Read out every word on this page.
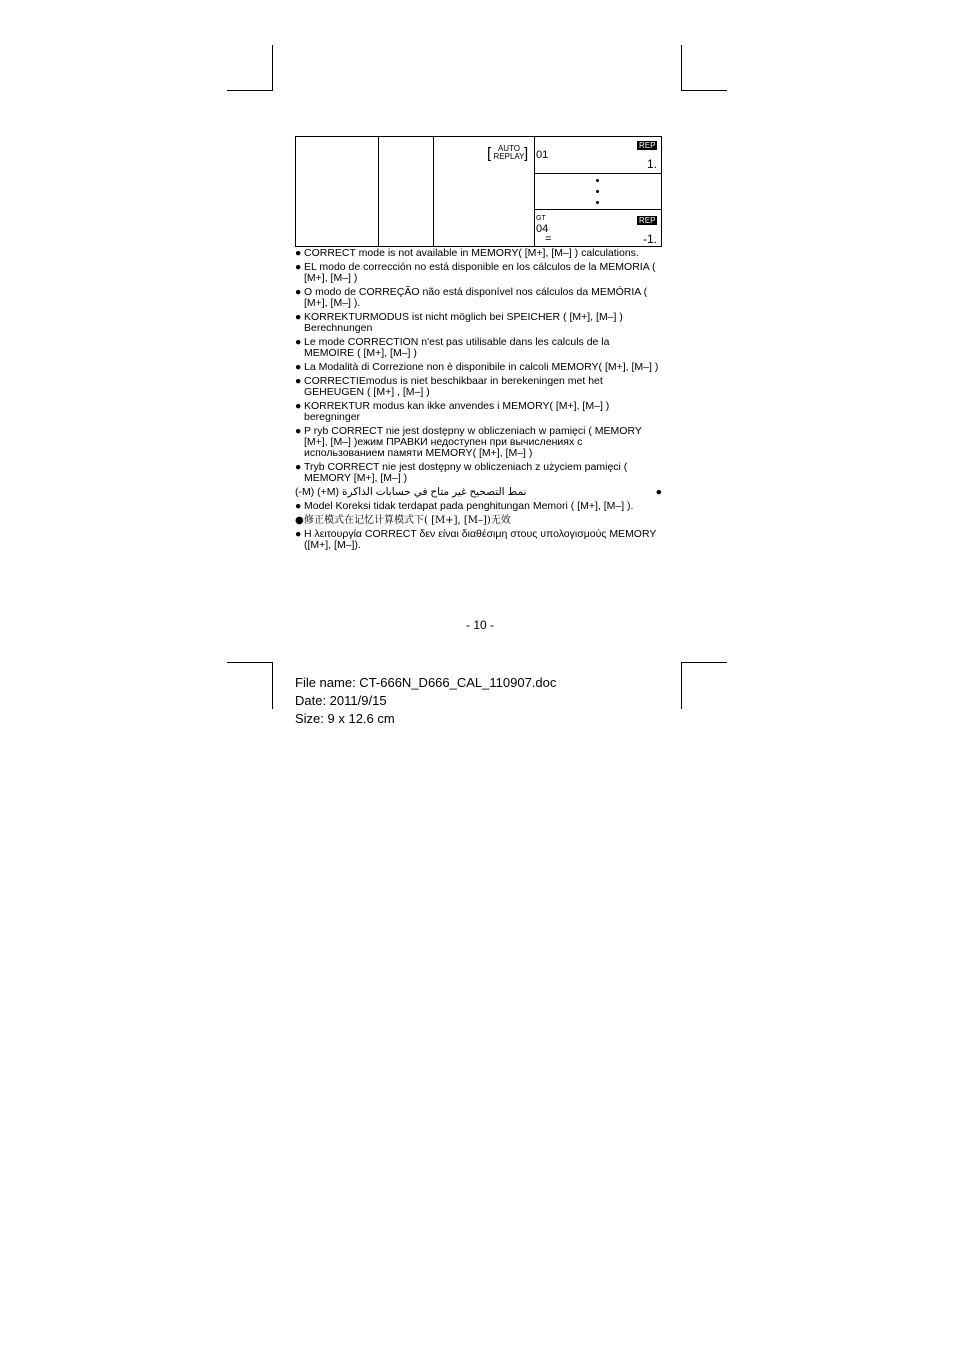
[ AUTO
REPLAY ] 01
REP
1.
GT	REP
04
=	-1.
● CORRECT mode is not available in MEMORY( [M+], [M–] ) calculations.
● EL modo de corrección no está disponible en los cálculos de la MEMORIA ( [M+], [M–] )
● O modo de CORREÇÃO não está disponível nos cálculos da MEMÓRIA ( [M+], [M–] ).
● KORREKTURMODUS ist nicht möglich bei SPEICHER ( [M+], [M–] ) Berechnungen
● Le mode CORRECTION n'est pas utilisable dans les calculs de la MEMOIRE ( [M+], [M–] )
● La Modalità di Correzione non è disponibile in calcoli MEMORY( [M+], [M–] )
● CORRECTIEmodus is niet beschikbaar in berekeningen met het GEHEUGEN ( [M+] , [M–] )
● KORREKTUR modus kan ikke anvendes i MEMORY( [M+], [M–] ) beregninger
● P ryb CORRECT nie jest dostępny w obliczeniach w pamięci ( MEMORY [M+], [M–] )ежим ПРАВКИ недоступен при вычислениях с использованием памяти MEMORY( [M+], [M–] )
● Tryb CORRECT nie jest dostępny w obliczeniach z użyciem pamięci ( MEMORY [M+], [M–] )
●
نمط التصحيح غير متاح في حسابات الذاكرة (M+) (M-)
● Model Koreksi tidak terdapat pada penghitungan Memori ( [M+], [M–] ).
● 修正模式在记忆计算模式下( [M+], [M–])无效
● Η λειτουργία CORRECT δεν είναι διαθέσιμη στους υπολογισμούς MEMORY ([M+], [M–]).
- 10 -
File name: CT-666N_D666_CAL_110907.doc
Date: 2011/9/15
Size: 9 x 12.6 cm
